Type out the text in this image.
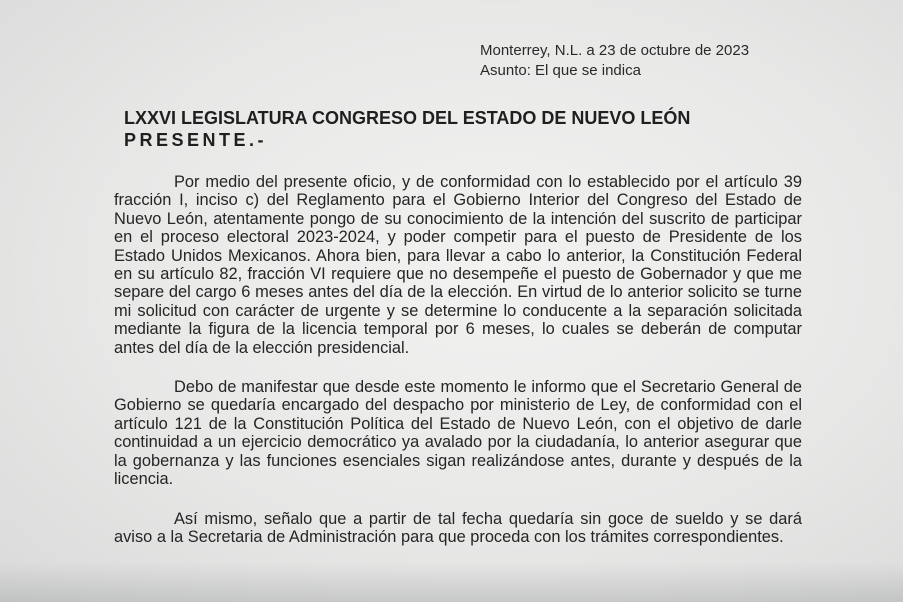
Monterrey, N.L. a 23 de octubre de 2023
Asunto: El que se indica
LXXVI LEGISLATURA CONGRESO DEL ESTADO DE NUEVO LEÓN
PRESENTE.-

Por medio del presente oficio, y de conformidad con lo establecido por el artículo 39 fracción I, inciso c) del Reglamento para el Gobierno Interior del Congreso del Estado de Nuevo León, atentamente pongo de su conocimiento de la intención del suscrito de participar en el proceso electoral 2023-2024, y poder competir para el puesto de Presidente de los Estado Unidos Mexicanos. Ahora bien, para llevar a cabo lo anterior, la Constitución Federal en su artículo 82, fracción VI requiere que no desempeñe el puesto de Gobernador y que me separe del cargo 6 meses antes del día de la elección. En virtud de lo anterior solicito se turne mi solicitud con carácter de urgente y se determine lo conducente a la separación solicitada mediante la figura de la licencia temporal por 6 meses, lo cuales se deberán de computar antes del día de la elección presidencial.

Debo de manifestar que desde este momento le informo que el Secretario General de Gobierno se quedaría encargado del despacho por ministerio de Ley, de conformidad con el artículo 121 de la Constitución Política del Estado de Nuevo León, con el objetivo de darle continuidad a un ejercicio democrático ya avalado por la ciudadanía, lo anterior asegurar que la gobernanza y las funciones esenciales sigan realizándose antes, durante y después de la licencia.

Así mismo, señalo que a partir de tal fecha quedaría sin goce de sueldo y se dará aviso a la Secretaria de Administración para que proceda con los trámites correspondientes.
